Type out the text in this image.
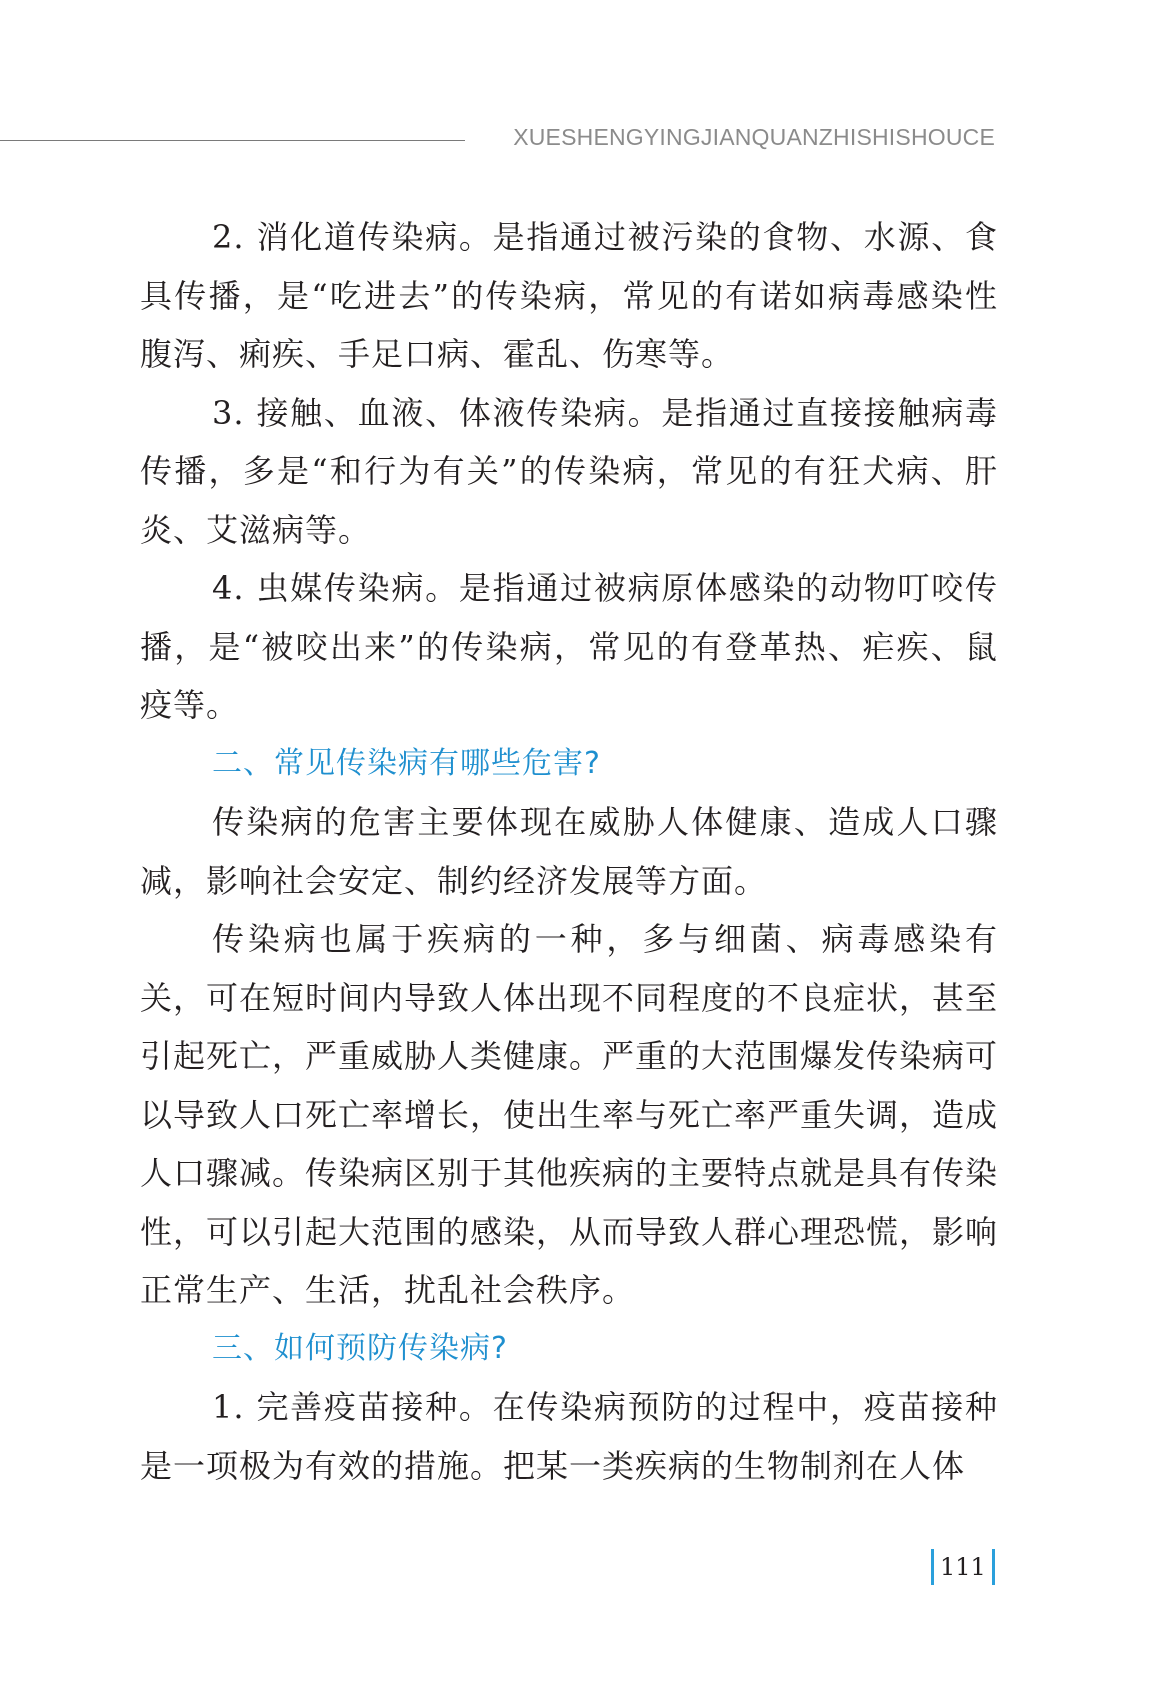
XUESHENGYINGJIANQUANZHISHISHOUCE

2. 消化道传染病。是指通过被污染的食物、水源、食具传播，是“吃进去”的传染病，常见的有诺如病毒感染性腹泻、痢疾、手足口病、霍乱、伤寒等。

3. 接触、血液、体液传染病。是指通过直接接触病毒传播，多是“和行为有关”的传染病，常见的有狂犬病、肝炎、艾滋病等。

4. 虫媒传染病。是指通过被病原体感染的动物叮咬传播，是“被咬出来”的传染病，常见的有登革热、疟疾、鼠疫等。

二、常见传染病有哪些危害?

传染病的危害主要体现在威胁人体健康、造成人口骤减，影响社会安定、制约经济发展等方面。

传染病也属于疾病的一种，多与细菌、病毒感染有关，可在短时间内导致人体出现不同程度的不良症状，甚至引起死亡，严重威胁人类健康。严重的大范围爆发传染病可以导致人口死亡率增长，使出生率与死亡率严重失调，造成人口骤减。传染病区别于其他疾病的主要特点就是具有传染性，可以引起大范围的感染，从而导致人群心理恐慌，影响正常生产、生活，扰乱社会秩序。

三、如何预防传染病?

1. 完善疫苗接种。在传染病预防的过程中，疫苗接种是一项极为有效的措施。把某一类疾病的生物制剂在人体

111
